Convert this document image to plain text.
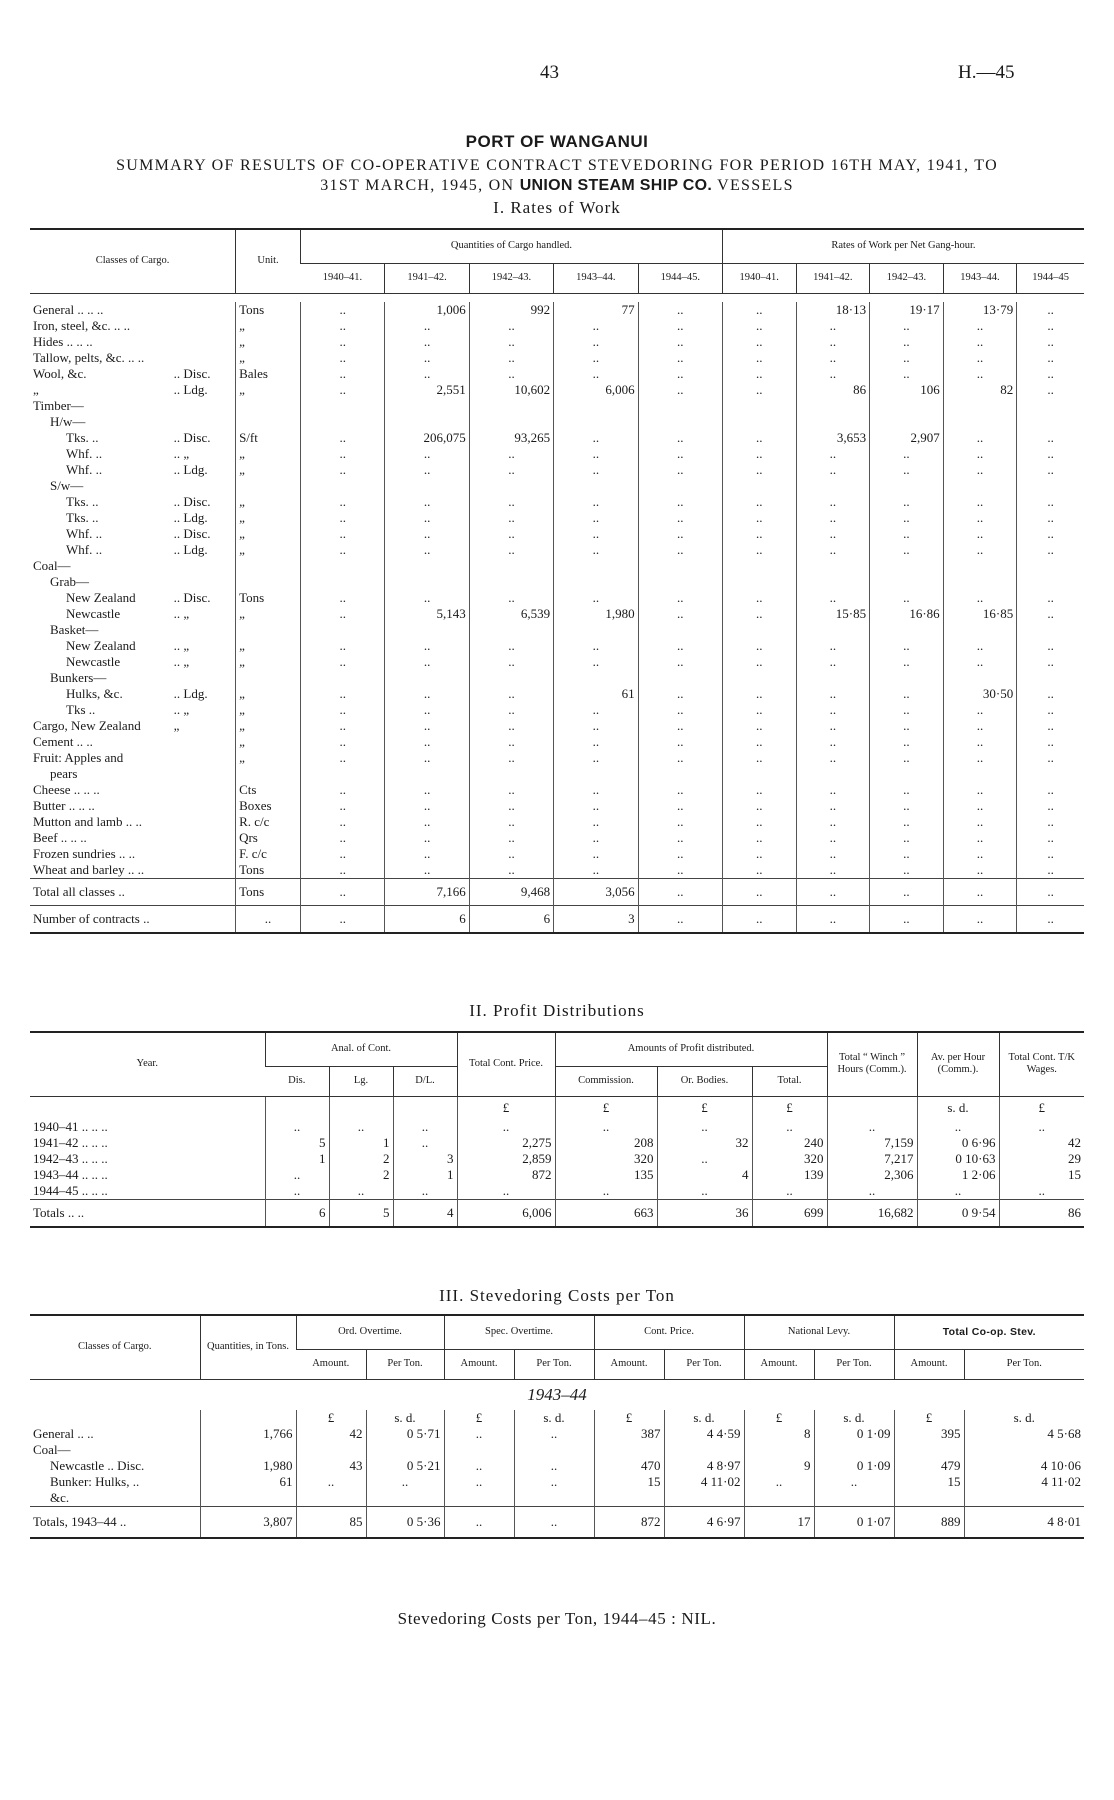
43	H.—45
PORT OF WANGANUI
SUMMARY OF RESULTS OF CO-OPERATIVE CONTRACT STEVEDORING FOR PERIOD 16TH MAY, 1941, TO
31ST MARCH, 1945, ON UNION STEAM SHIP CO. VESSELS
I. Rates of Work
Classes of Cargo.		Unit.	Quantities of Cargo handled.					Rates of Work per Net Gang-hour.				
			1940–41.	1941–42.	1942–43.	1943–44.	1944–45.	1940–41.	1941–42.	1942–43.	1943–44.	1944–45

General .. .. ..		Tons	..	1,006	992	77	..	..	18·13	19·17	13·79	..
Iron, steel, &c. .. ..		„	..	..	..	..	..	..	..	..	..	..
Hides .. .. ..		„	..	..	..	..	..	..	..	..	..	..
Tallow, pelts, &c. .. ..		„	..	..	..	..	..	..	..	..	..	..
Wool, &c.	.. Disc.	Bales	..	..	..	..	..	..	..	..	..	..
„	.. Ldg.	„	..	2,551	10,602	6,006	..	..	86	106	82	..
Timber—												
H/w—												
Tks. ..	.. Disc.	S/ft	..	206,075	93,265	..	..	..	3,653	2,907	..	..
Whf. ..	.. „	„	..	..	..	..	..	..	..	..	..	..
Whf. ..	.. Ldg.	„	..	..	..	..	..	..	..	..	..	..
S/w—												
Tks. ..	.. Disc.	„	..	..	..	..	..	..	..	..	..	..
Tks. ..	.. Ldg.	„	..	..	..	..	..	..	..	..	..	..
Whf. ..	.. Disc.	„	..	..	..	..	..	..	..	..	..	..
Whf. ..	.. Ldg.	„	..	..	..	..	..	..	..	..	..	..
Coal—												
Grab—												
New Zealand	.. Disc.	Tons	..	..	..	..	..	..	..	..	..	..
Newcastle	.. „	„	..	5,143	6,539	1,980	..	..	15·85	16·86	16·85	..
Basket—												
New Zealand	.. „	„	..	..	..	..	..	..	..	..	..	..
Newcastle	.. „	„	..	..	..	..	..	..	..	..	..	..
Bunkers—												
Hulks, &c.	.. Ldg.	„	..	..	..	61	..	..	..	..	30·50	..
Tks ..	.. „	„	..	..	..	..	..	..	..	..	..	..
Cargo, New Zealand	„	„	..	..	..	..	..	..	..	..	..	..
Cement .. ..		„	..	..	..	..	..	..	..	..	..	..
Fruit: Apples and		„	..	..	..	..	..	..	..	..	..	..
pears												
Cheese .. .. ..		Cts	..	..	..	..	..	..	..	..	..	..
Butter .. .. ..		Boxes	..	..	..	..	..	..	..	..	..	..
Mutton and lamb .. ..		R. c/c	..	..	..	..	..	..	..	..	..	..
Beef .. .. ..		Qrs	..	..	..	..	..	..	..	..	..	..
Frozen sundries .. ..		F. c/c	..	..	..	..	..	..	..	..	..	..
Wheat and barley .. ..		Tons	..	..	..	..	..	..	..	..	..	..
Total all classes ..		Tons	..	7,166	9,468	3,056	..	..	..	..	..	..
Number of contracts ..		..	..	6	6	3	..	..	..	..	..	..
II. Profit Distributions
Year.	Anal. of Cont.			Total Cont. Price.	Amounts of Profit distributed.			Total “ Winch ” Hours (Comm.).	Av. per Hour (Comm.).	Total Cont. T/K Wages.
	Dis.	Lg.	D/L.		Commission.	Or. Bodies.	Total.			
				£	£	£	£		s. d.	£
1940–41 .. .. ..	..	..	..	..	..	..	..	..	..	..
1941–42 .. .. ..	5	1	..	2,275	208	32	240	7,159	0 6·96	42
1942–43 .. .. ..	1	2	3	2,859	320	..	320	7,217	0 10·63	29
1943–44 .. .. ..	..	2	1	872	135	4	139	2,306	1 2·06	15
1944–45 .. .. ..	..	..	..	..	..	..	..	..	..	..
Totals .. ..	6	5	4	6,006	663	36	699	16,682	0 9·54	86
III. Stevedoring Costs per Ton
Classes of Cargo.	Quantities, in Tons.	Ord. Overtime.		Spec. Overtime.		Cont. Price.		National Levy.		Total Co-op. Stev.	
		Amount.	Per Ton.	Amount.	Per Ton.	Amount.	Per Ton.	Amount.	Per Ton.	Amount.	Per Ton.
1943–44											
		£	s. d.	£	s. d.	£	s. d.	£	s. d.	£	s. d.
General .. ..	1,766	42	0 5·71	..	..	387	4 4·59	8	0 1·09	395	4 5·68
Coal—											
Newcastle .. Disc.	1,980	43	0 5·21	..	..	470	4 8·97	9	0 1·09	479	4 10·06
Bunker: Hulks, ..	61	..	..	..	..	15	4 11·02	..	..	15	4 11·02
&c.											
Totals, 1943–44 ..	3,807	85	0 5·36	..	..	872	4 6·97	17	0 1·07	889	4 8·01
Stevedoring Costs per Ton, 1944–45 : NIL.
